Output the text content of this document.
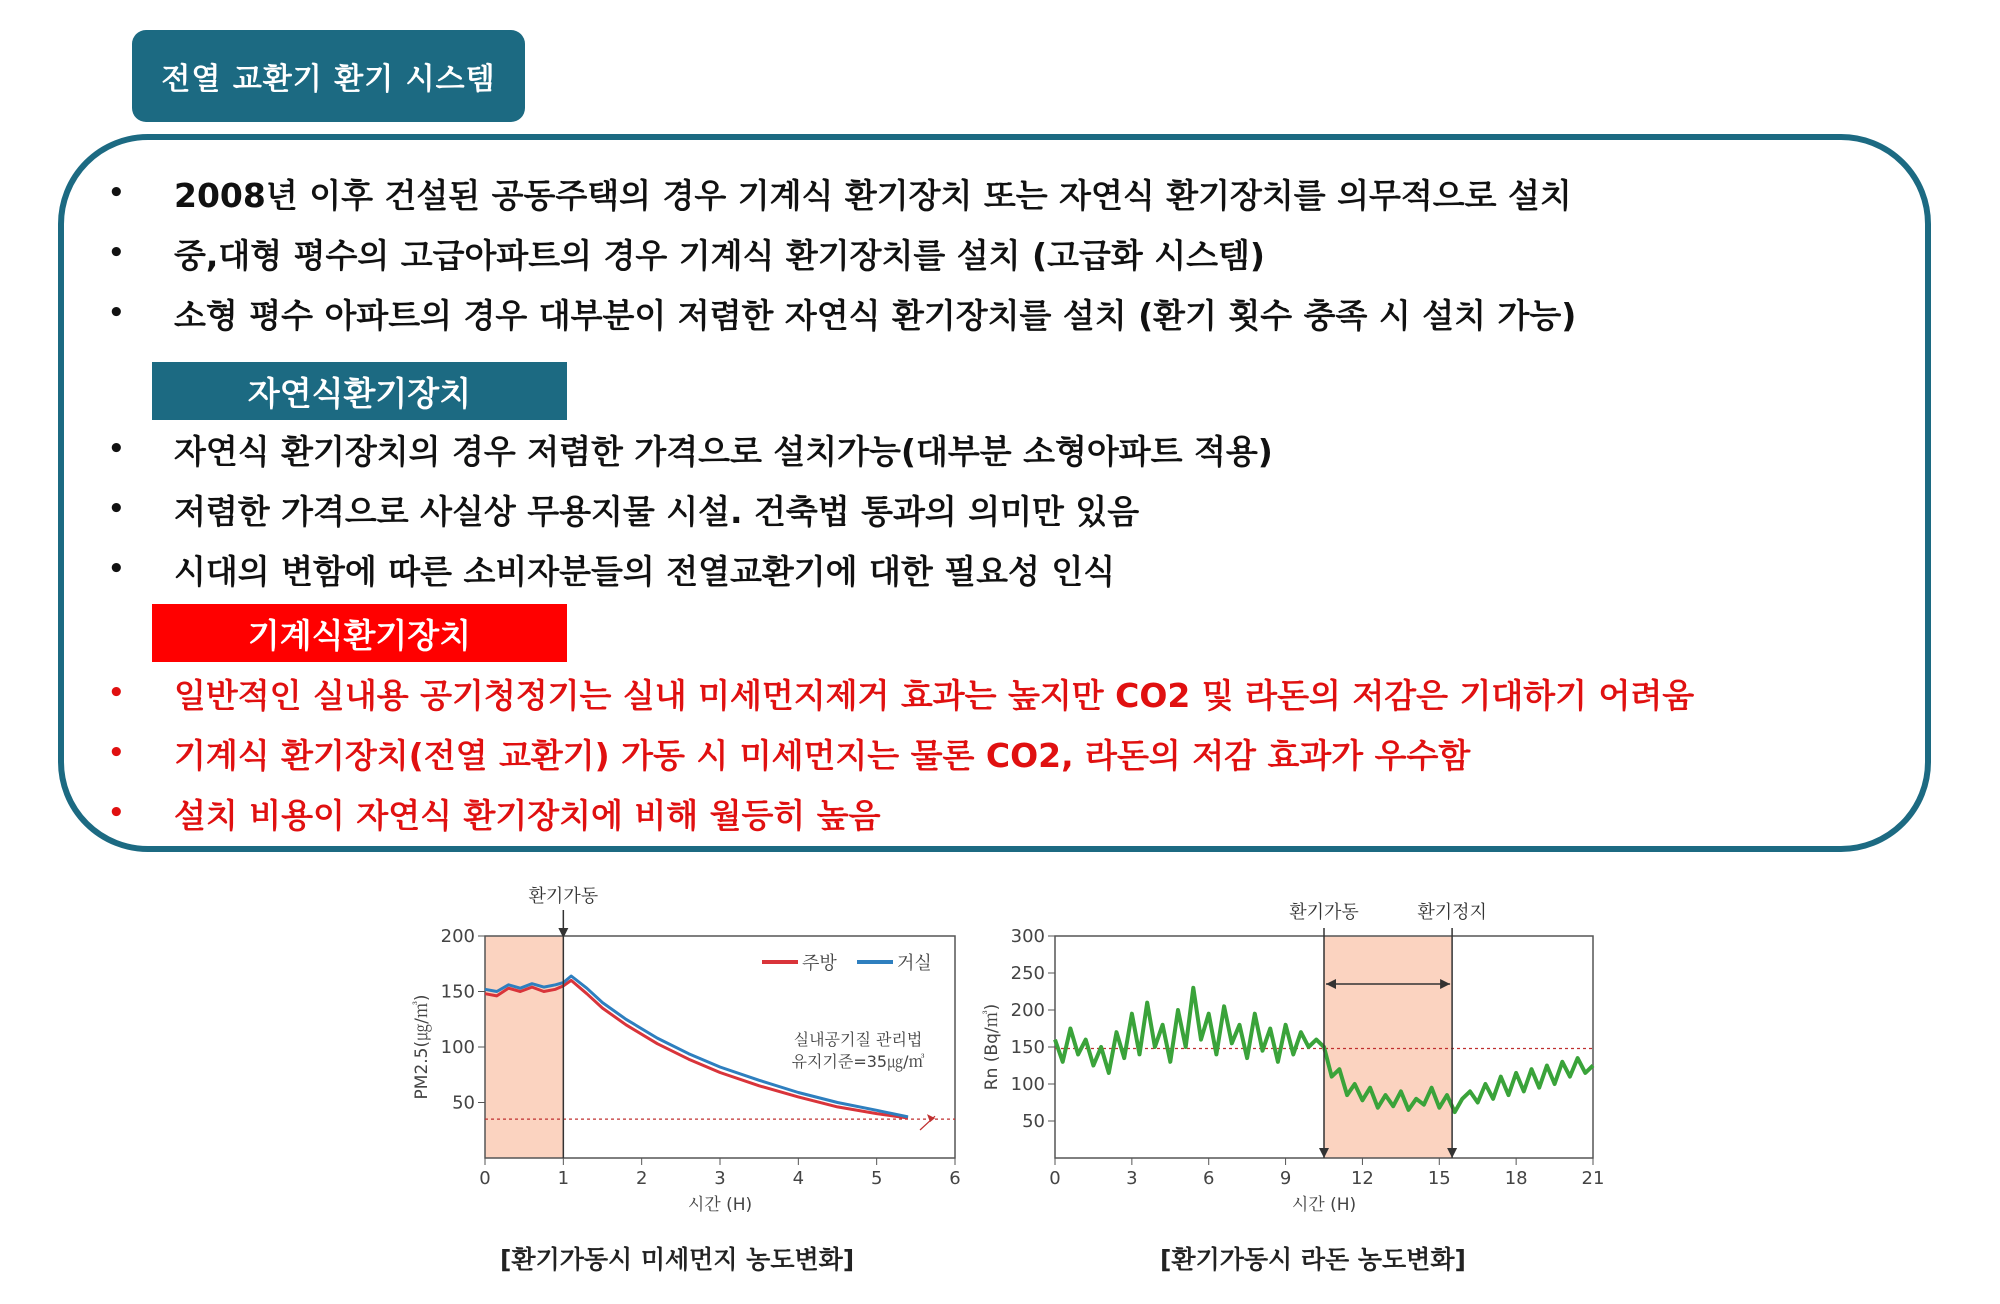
전열 교환기 환기 시스템
•	2008년 이후 건설된 공동주택의 경우 기계식 환기장치 또는 자연식 환기장치를 의무적으로 설치
•	중,대형 평수의 고급아파트의 경우 기계식 환기장치를 설치 (고급화 시스템)
•	소형 평수 아파트의 경우 대부분이 저렴한 자연식 환기장치를 설치 (환기 횟수 충족 시 설치 가능)
자연식환기장치
•	자연식 환기장치의 경우 저렴한 가격으로 설치가능(대부분 소형아파트 적용)
•	저렴한 가격으로 사실상 무용지물 시설. 건축법 통과의 의미만 있음
•	시대의 변함에 따른 소비자분들의 전열교환기에 대한 필요성 인식
기계식환기장치
•	일반적인 실내용 공기청정기는 실내 미세먼지제거 효과는 높지만 CO2 및 라돈의 저감은 기대하기 어려움
•	기계식 환기장치(전열 교환기) 가동 시 미세먼지는 물론 CO2, 라돈의 저감 효과가 우수함
•	설치 비용이 자연식 환기장치에 비해 월등히 높음
0	1	2	3	4	5	6
50
100
150
200
시간 (H)
PM2.5(㎍/㎥)
환기가동
주방	거실
실내공기질 관리법
유지기준=35㎍/㎥
[환기가동시 미세먼지 농도변화]
0	3	6	9	12	15	18	21
50
100
150
200
250
300
시간 (H)
Rn (Bq/㎥)
환기가동	환기정지
[환기가동시 라돈 농도변화]
